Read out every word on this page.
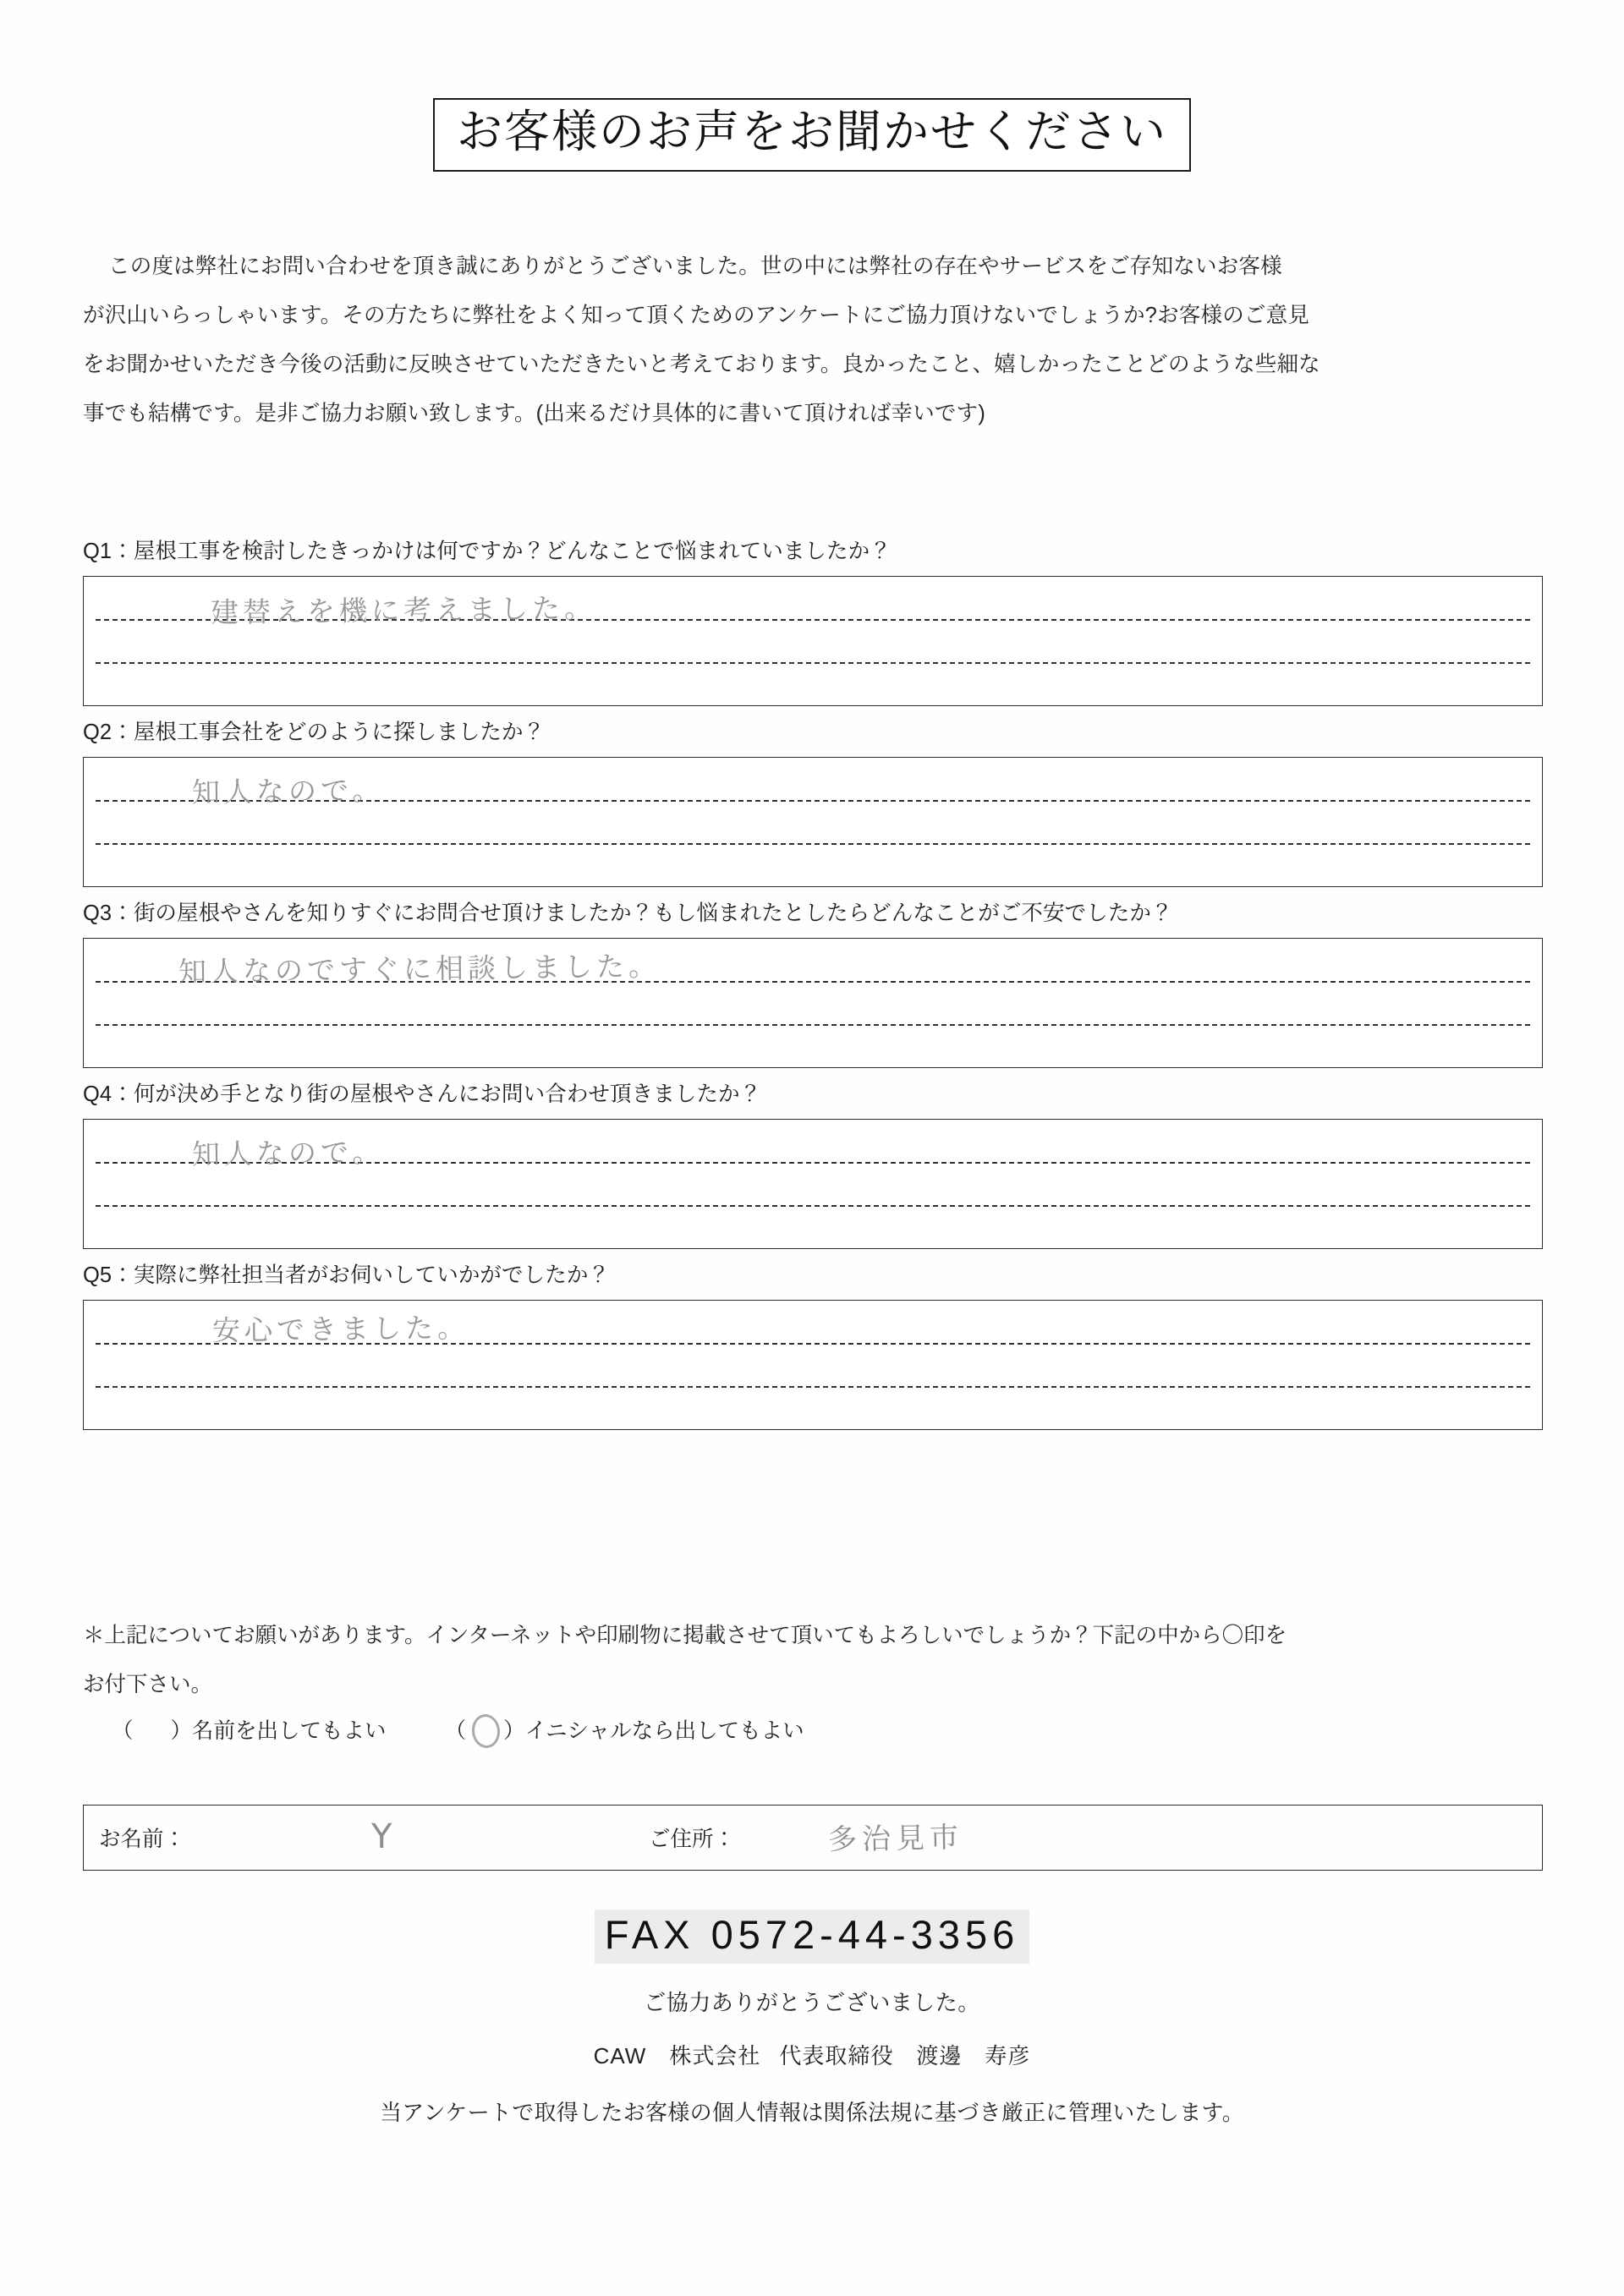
お客様のお声をお聞かせください
この度は弊社にお問い合わせを頂き誠にありがとうございました。世の中には弊社の存在やサービスをご存知ないお客様
が沢山いらっしゃいます。その方たちに弊社をよく知って頂くためのアンケートにご協力頂けないでしょうか?お客様のご意見
をお聞かせいただき今後の活動に反映させていただきたいと考えております。良かったこと、嬉しかったことどのような些細な
事でも結構です。是非ご協力お願い致します。(出来るだけ具体的に書いて頂ければ幸いです)
Q1：屋根工事を検討したきっかけは何ですか？どんなことで悩まれていましたか？
建替えを機に考えました。
Q2：屋根工事会社をどのように探しましたか？
知人なので。
Q3：街の屋根やさんを知りすぐにお問合せ頂けましたか？もし悩まれたとしたらどんなことがご不安でしたか？
知人なのですぐに相談しました。
Q4：何が決め手となり街の屋根やさんにお問い合わせ頂きましたか？
知人なので。
Q5：実際に弊社担当者がお伺いしていかがでしたか？
安心できました。
＊上記についてお願いがあります。インターネットや印刷物に掲載させて頂いてもよろしいでしょうか？下記の中から〇印を
お付下さい。
（ ）名前を出してもよい	（ ）イニシャルなら出してもよい
お名前：	Y	ご住所：	多治見市
FAX 0572-44-3356
ご協力ありがとうございました。
CAW　株式会社 代表取締役　渡邊　寿彦
当アンケートで取得したお客様の個人情報は関係法規に基づき厳正に管理いたします。
